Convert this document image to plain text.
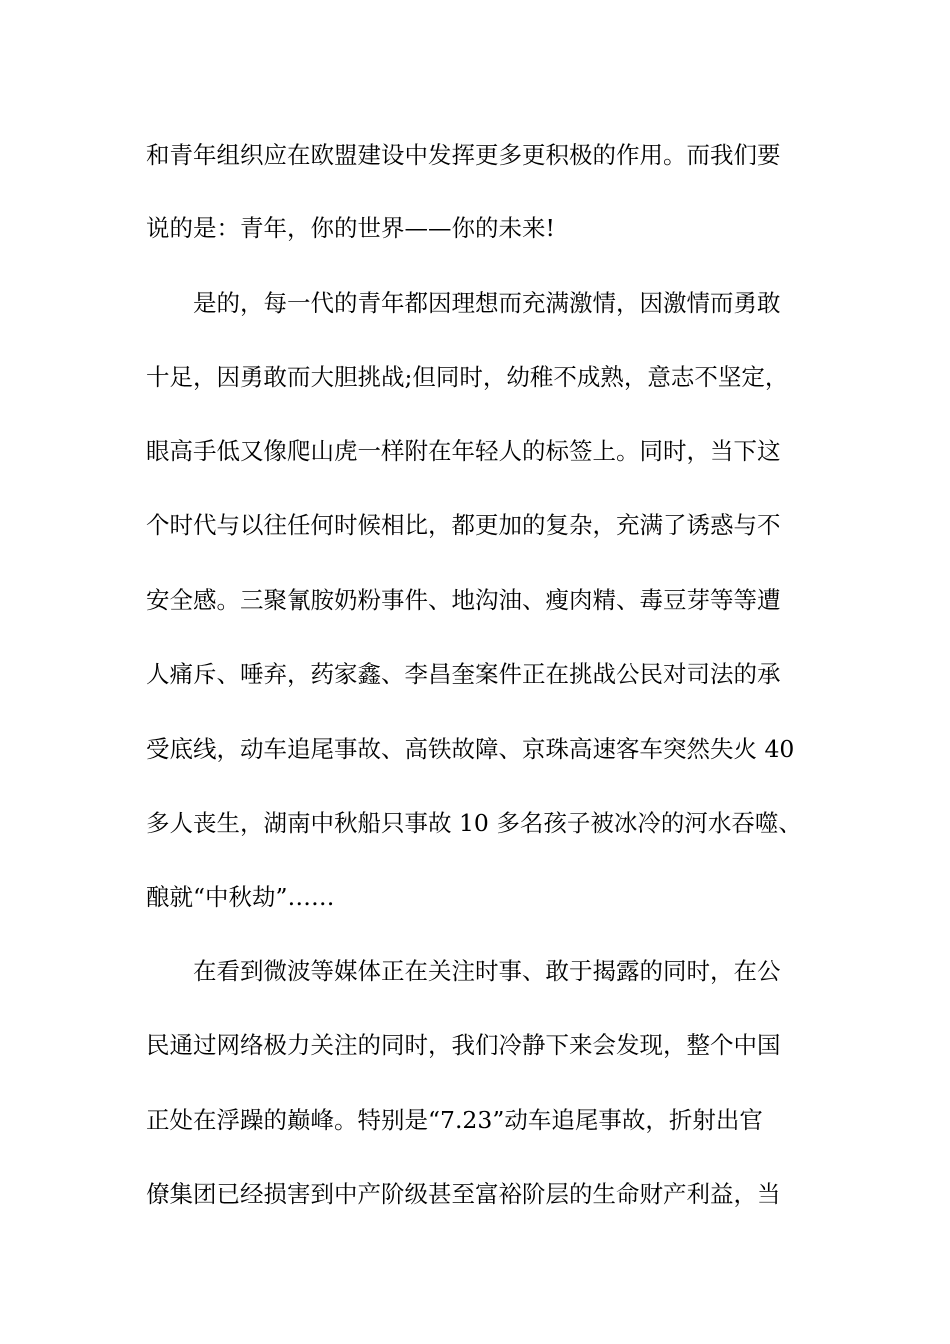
和青年组织应在欧盟建设中发挥更多更积极的作用。而我们要
说的是：青年，你的世界——你的未来!
是的，每一代的青年都因理想而充满激情，因激情而勇敢
十足，因勇敢而大胆挑战;但同时，幼稚不成熟，意志不坚定，
眼高手低又像爬山虎一样附在年轻人的标签上。同时，当下这
个时代与以往任何时候相比，都更加的复杂，充满了诱惑与不
安全感。三聚氰胺奶粉事件、地沟油、瘦肉精、毒豆芽等等遭
人痛斥、唾弃，药家鑫、李昌奎案件正在挑战公民对司法的承
受底线，动车追尾事故、高铁故障、京珠高速客车突然失火 40
多人丧生，湖南中秋船只事故 10 多名孩子被冰冷的河水吞噬、
酿就“中秋劫”……
在看到微波等媒体正在关注时事、敢于揭露的同时，在公
民通过网络极力关注的同时，我们冷静下来会发现，整个中国
正处在浮躁的巅峰。特别是“7.23”动车追尾事故，折射出官
僚集团已经损害到中产阶级甚至富裕阶层的生命财产利益，当
